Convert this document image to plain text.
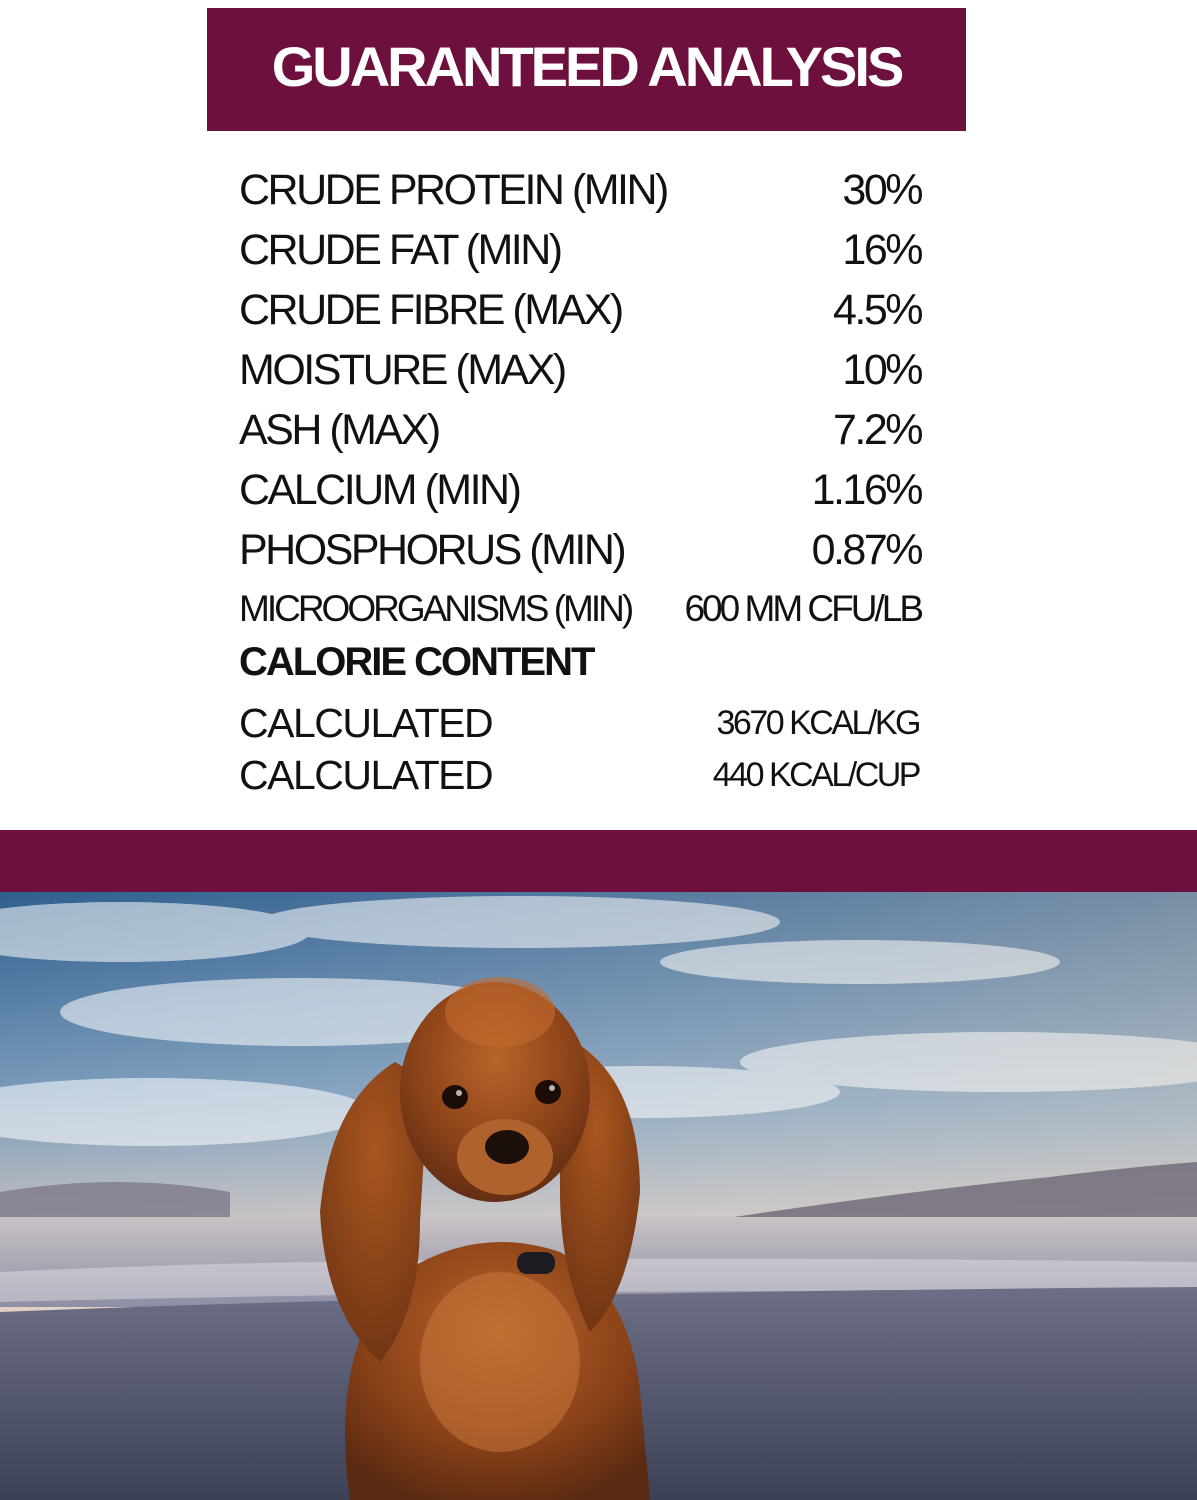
GUARANTEED ANALYSIS
CRUDE PROTEIN (MIN)	30%
CRUDE FAT (MIN)	16%
CRUDE FIBRE (MAX)	4.5%
MOISTURE (MAX)	10%
ASH (MAX)	7.2%
CALCIUM (MIN)	1.16%
PHOSPHORUS (MIN)	0.87%
MICROORGANISMS (MIN) 600 MM CFU/LB
CALORIE CONTENT
CALCULATED	3670 KCAL/KG
CALCULATED	440 KCAL/CUP
